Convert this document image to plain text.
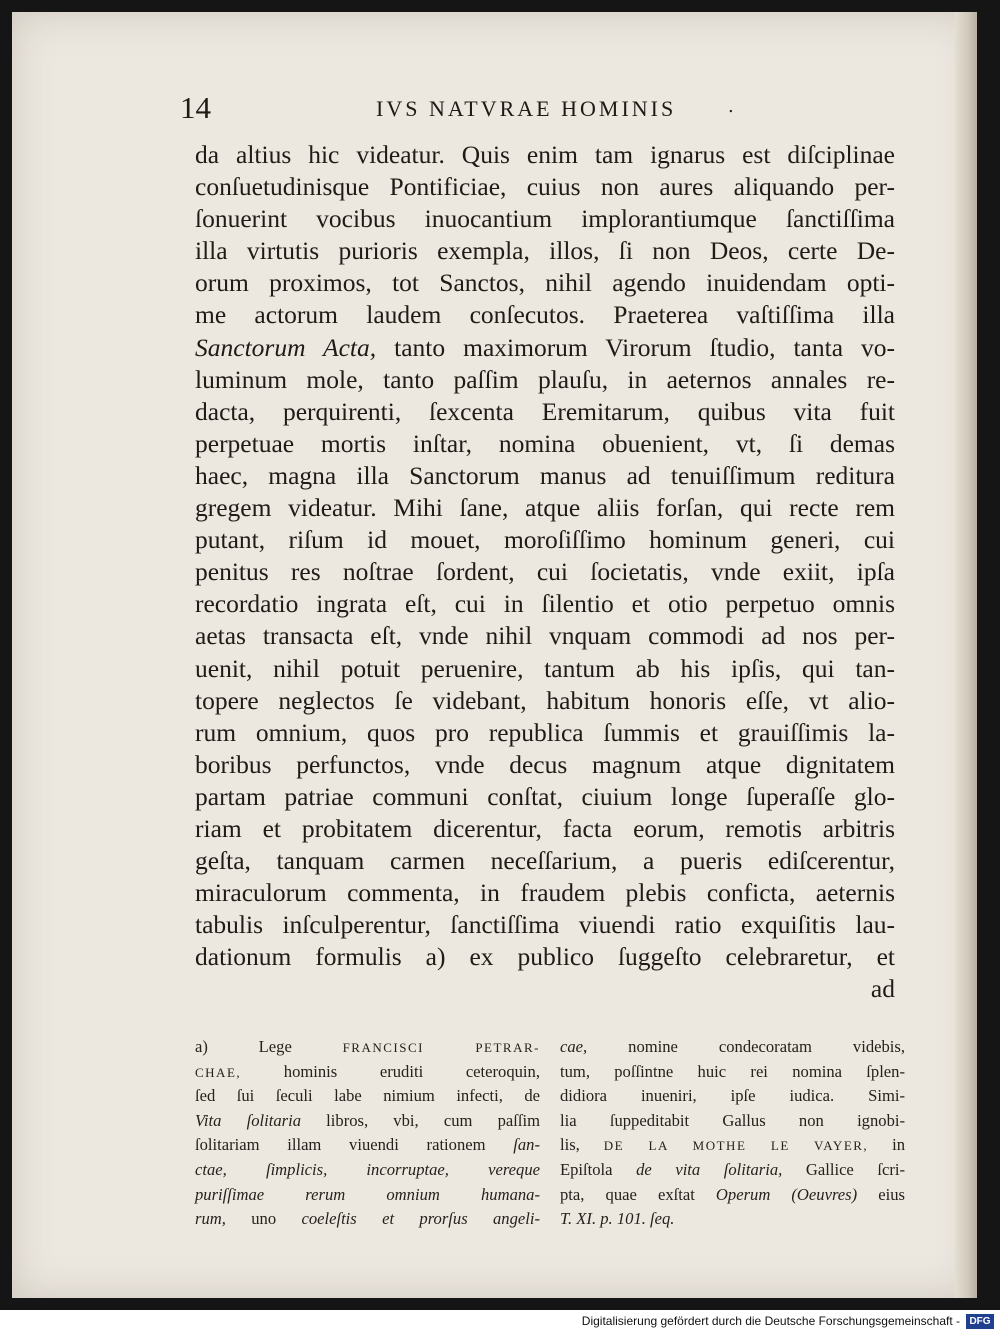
14	IVS NATVRAE HOMINIS	.
da altius hic videatur. Quis enim tam ignarus est diſciplinae
conſuetudinisque Pontificiae, cuius non aures aliquando per-
ſonuerint vocibus inuocantium implorantiumque ſanctiſſima
illa virtutis purioris exempla, illos, ſi non Deos, certe De-
orum proximos, tot Sanctos, nihil agendo inuidendam opti-
me actorum laudem conſecutos. Praeterea vaſtiſſima illa
Sanctorum Acta, tanto maximorum Virorum ſtudio, tanta vo-
luminum mole, tanto paſſim plauſu, in aeternos annales re-
dacta, perquirenti, ſexcenta Eremitarum, quibus vita fuit
perpetuae mortis inſtar, nomina obuenient, vt, ſi demas
haec, magna illa Sanctorum manus ad tenuiſſimum reditura
gregem videatur. Mihi ſane, atque aliis forſan, qui recte rem
putant, riſum id mouet, moroſiſſimo hominum generi, cui
penitus res noſtrae ſordent, cui ſocietatis, vnde exiit, ipſa
recordatio ingrata eſt, cui in ſilentio et otio perpetuo omnis
aetas transacta eſt, vnde nihil vnquam commodi ad nos per-
uenit, nihil potuit peruenire, tantum ab his ipſis, qui tan-
topere neglectos ſe videbant, habitum honoris eſſe, vt alio-
rum omnium, quos pro republica ſummis et grauiſſimis la-
boribus perfunctos, vnde decus magnum atque dignitatem
partam patriae communi conſtat, ciuium longe ſuperaſſe glo-
riam et probitatem dicerentur, facta eorum, remotis arbitris
geſta, tanquam carmen neceſſarium, a pueris ediſcerentur,
miraculorum commenta, in fraudem plebis conficta, aeternis
tabulis inſculperentur, ſanctiſſima viuendi ratio exquiſitis lau-
dationum formulis a) ex publico ſuggeſto celebraretur, et
ad
a) Lege FRANCISCI PETRAR-
CHAE, hominis eruditi ceteroquin,
ſed ſui ſeculi labe nimium infecti, de
Vita ſolitaria libros, vbi, cum paſſim
ſolitariam illam viuendi rationem ſan-
ctae, ſimplicis, incorruptae, vereque
puriſſimae rerum omnium humana-
rum, uno coeleſtis et prorſus angeli-
cae, nomine condecoratam videbis,
tum, poſſintne huic rei nomina ſplen-
didiora inueniri, ipſe iudica. Simi-
lia ſuppeditabit Gallus non ignobi-
lis, DE LA MOTHE LE VAYER, in
Epiſtola de vita ſolitaria, Gallice ſcri-
pta, quae exſtat Operum (Oeuvres) eius
T. XI. p. 101. ſeq.
Digitalisierung gefördert durch die Deutsche Forschungsgemeinschaft - DFG
